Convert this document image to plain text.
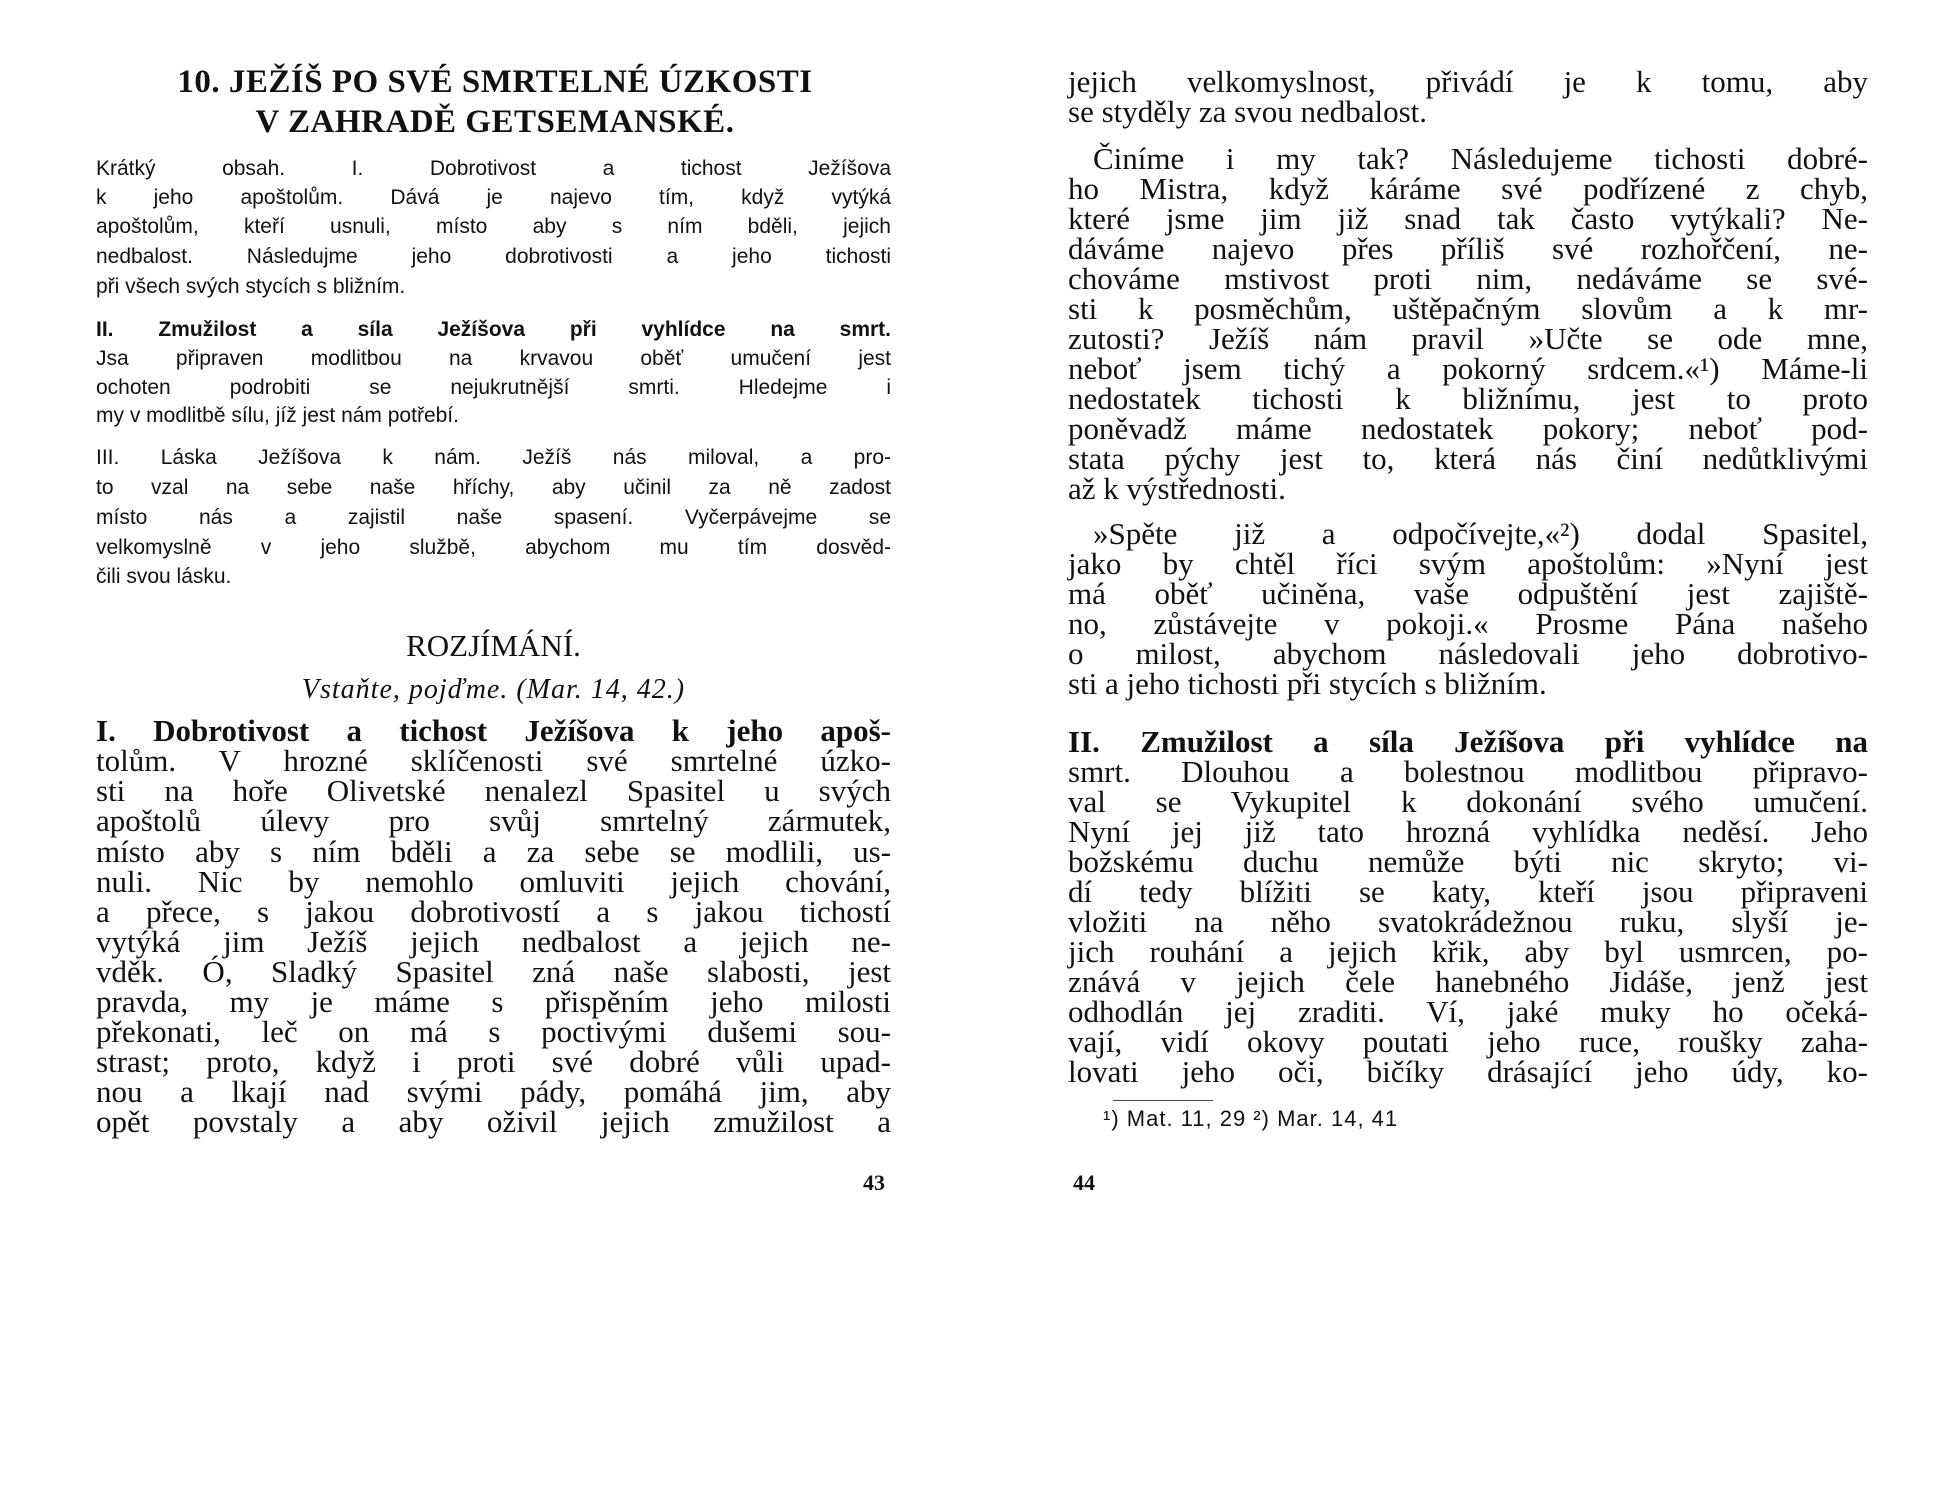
10. JEŽÍŠ PO SVÉ SMRTELNÉ ÚZKOSTI
V ZAHRADĚ GETSEMANSKÉ.
Krátký obsah. I. Dobrotivost a tichost Ježíšova
k jeho apoštolům. Dává je najevo tím, když vytýká
apoštolům, kteří usnuli, místo aby s ním bděli, jejich
nedbalost. Následujme jeho dobrotivosti a jeho tichosti
při všech svých stycích s bližním.
II. Zmužilost a síla Ježíšova při vyhlídce na smrt.
Jsa připraven modlitbou na krvavou oběť umučení jest
ochoten podrobiti se nejukrutnější smrti. Hledejme i
my v modlitbě sílu, jíž jest nám potřebí.
III. Láska Ježíšova k nám. Ježíš nás miloval, a pro-
to vzal na sebe naše hříchy, aby učinil za ně zadost
místo nás a zajistil naše spasení. Vyčerpávejme se
velkomyslně v jeho službě, abychom mu tím dosvěd-
čili svou lásku.
ROZJÍMÁNÍ.
Vstaňte, pojďme. (Mar. 14, 42.)
I. Dobrotivost a tichost Ježíšova k jeho apoš-
tolům. V hrozné sklíčenosti své smrtelné úzko-
sti na hoře Olivetské nenalezl Spasitel u svých
apoštolů úlevy pro svůj smrtelný zármutek,
místo aby s ním bděli a za sebe se modlili, us-
nuli. Nic by nemohlo omluviti jejich chování,
a přece, s jakou dobrotivostí a s jakou tichostí
vytýká jim Ježíš jejich nedbalost a jejich ne-
vděk. Ó, Sladký Spasitel zná naše slabosti, jest
pravda, my je máme s přispěním jeho milosti
překonati, leč on má s poctivými dušemi sou-
strast; proto, když i proti své dobré vůli upad-
nou a lkají nad svými pády, pomáhá jim, aby
opět povstaly a aby oživil jejich zmužilost a
43
jejich velkomyslnost, přivádí je k tomu, aby
se styděly za svou nedbalost.
Činíme i my tak? Následujeme tichosti dobré-
ho Mistra, když káráme své podřízené z chyb,
které jsme jim již snad tak často vytýkali? Ne-
dáváme najevo přes příliš své rozhořčení, ne-
chováme mstivost proti nim, nedáváme se své-
sti k posměchům, uštěpačným slovům a k mr-
zutosti? Ježíš nám pravil »Učte se ode mne,
neboť jsem tichý a pokorný srdcem.«¹) Máme-li
nedostatek tichosti k bližnímu, jest to proto
poněvadž máme nedostatek pokory; neboť pod-
stata pýchy jest to, která nás činí nedůtklivými
až k výstřednosti.
»Spěte již a odpočívejte,«²) dodal Spasitel,
jako by chtěl říci svým apoštolům: »Nyní jest
má oběť učiněna, vaše odpuštění jest zajiště-
no, zůstávejte v pokoji.« Prosme Pána našeho
o milost, abychom následovali jeho dobrotivo-
sti a jeho tichosti při stycích s bližním.
II. Zmužilost a síla Ježíšova při vyhlídce na
smrt. Dlouhou a bolestnou modlitbou připravo-
val se Vykupitel k dokonání svého umučení.
Nyní jej již tato hrozná vyhlídka neděsí. Jeho
božskému duchu nemůže býti nic skryto; vi-
dí tedy blížiti se katy, kteří jsou připraveni
vložiti na něho svatokrádežnou ruku, slyší je-
jich rouhání a jejich křik, aby byl usmrcen, po-
znává v jejich čele hanebného Jidáše, jenž jest
odhodlán jej zraditi. Ví, jaké muky ho očeká-
vají, vidí okovy poutati jeho ruce, roušky zaha-
lovati jeho oči, bičíky drásající jeho údy, ko-
¹) Mat. 11, 29 ²) Mar. 14, 41
44
